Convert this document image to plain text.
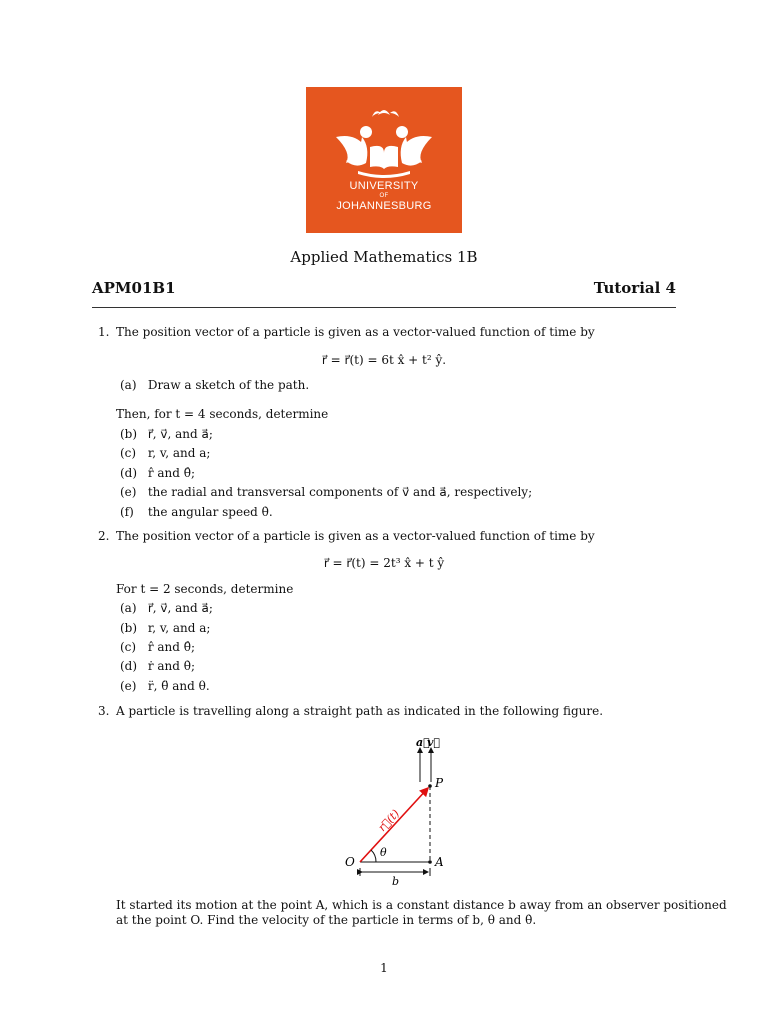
UNIVERSITY
OF
JOHANNESBURG
Applied Mathematics 1B
APM01B1	Tutorial 4
1. The position vector of a particle is given as a vector-valued function of time by
r⃗ = r⃗(t) = 6t x̂ + t² ŷ.
(a) Draw a sketch of the path.
Then, for t = 4 seconds, determine
(b) r⃗, v⃗, and a⃗;
(c) r, v, and a;
(d) r̂ and θ̂;
(e) the radial and transversal components of v⃗ and a⃗, respectively;
(f) the angular speed θ̇.
2. The position vector of a particle is given as a vector-valued function of time by
r⃗ = r⃗(t) = 2t³ x̂ + t ŷ
For t = 2 seconds, determine
(a) r⃗, v⃗, and a⃗;
(b) r, v, and a;
(c) r̂ and θ̂;
(d) ṙ and θ̇;
(e) r̈, θ̈ and θ.
3. A particle is travelling along a straight path as indicated in the following figure.
a⃗
v⃗
θ
P
O	A
r⃗(t)
b
It started its motion at the point A, which is a constant distance b away from an observer positioned
at the point O. Find the velocity of the particle in terms of b, θ and θ̇.
1
